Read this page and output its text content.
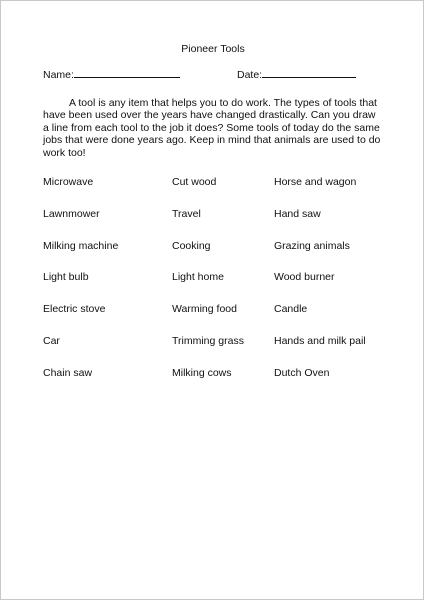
Pioneer Tools
Name:	Date:

A tool is any item that helps you to do work. The types of tools that have been used over the years have changed drastically. Can you draw a line from each tool to the job it does? Some tools of today do the same jobs that were done years ago. Keep in mind that animals are used to do work too!

Microwave	Cut wood	Horse and wagon
Lawnmower	Travel	Hand saw
Milking machine	Cooking	Grazing animals
Light bulb	Light home	Wood burner
Electric stove	Warming food	Candle
Car	Trimming grass	Hands and milk pail
Chain saw	Milking cows	Dutch Oven
